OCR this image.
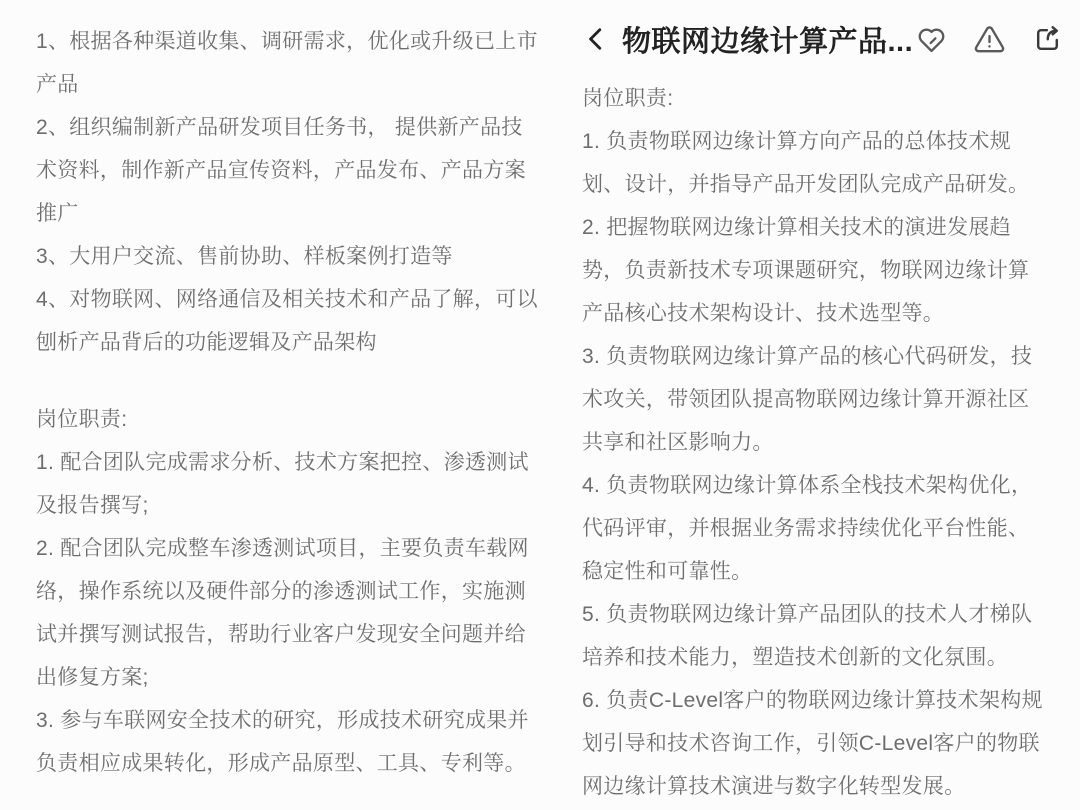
1、根据各种渠道收集、调研需求，优化或升级已上市产品

2、组织编制新产品研发项目任务书， 提供新产品技术资料，制作新产品宣传资料，产品发布、产品方案推广

3、大用户交流、售前协助、样板案例打造等

4、对物联网、网络通信及相关技术和产品了解，可以刨析产品背后的功能逻辑及产品架构

岗位职责:

1. 配合团队完成需求分析、技术方案把控、渗透测试及报告撰写;

2. 配合团队完成整车渗透测试项目，主要负责车载网络，操作系统以及硬件部分的渗透测试工作，实施测试并撰写测试报告，帮助行业客户发现安全问题并给出修复方案;

3. 参与车联网安全技术的研究，形成技术研究成果并负责相应成果转化，形成产品原型、工具、专利等。

物联网边缘计算产品...

岗位职责:

1. 负责物联网边缘计算方向产品的总体技术规划、设计，并指导产品开发团队完成产品研发。

2. 把握物联网边缘计算相关技术的演进发展趋势，负责新技术专项课题研究，物联网边缘计算产品核心技术架构设计、技术选型等。

3. 负责物联网边缘计算产品的核心代码研发，技术攻关，带领团队提高物联网边缘计算开源社区共享和社区影响力。

4. 负责物联网边缘计算体系全栈技术架构优化，代码评审，并根据业务需求持续优化平台性能、稳定性和可靠性。

5. 负责物联网边缘计算产品团队的技术人才梯队培养和技术能力，塑造技术创新的文化氛围。

6. 负责C-Level客户的物联网边缘计算技术架构规划引导和技术咨询工作，引领C-Level客户的物联网边缘计算技术演进与数字化转型发展。
